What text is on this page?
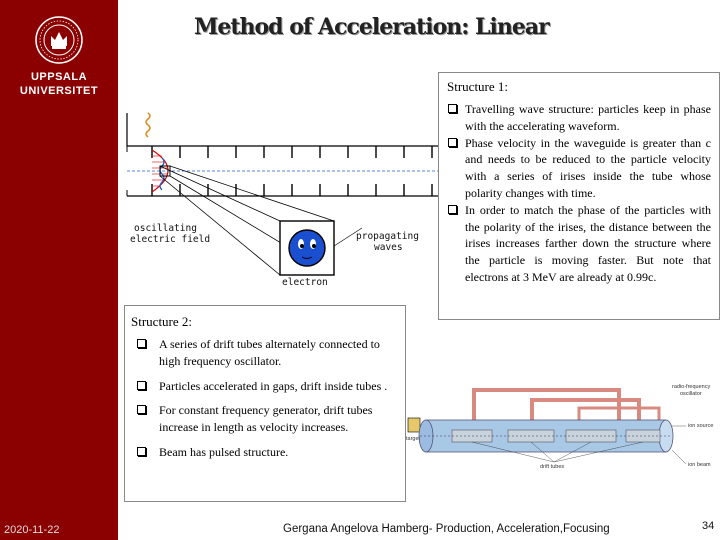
UPPSALA
UNIVERSITET
2020-11-22
Method of Acceleration: Linear
oscillating
electric field	propagating
waves
electron
Structure 1:
Travelling wave structure: particles keep in phase with the accelerating waveform.
Phase velocity in the waveguide is greater than c and needs to be reduced to the particle velocity with a series of irises inside the tube whose polarity changes with time.
In order to match the phase of the particles with the polarity of the irises, the distance between the irises increases farther down the structure where the particle is moving faster. But note that electrons at 3 MeV are already at 0.99c.
Structure 2:
A series of drift tubes alternately connected to high frequency oscillator.
Particles accelerated in gaps, drift inside tubes .
For constant frequency generator, drift tubes increase in length as velocity increases.
Beam has pulsed structure.
radio-frequency
oscillator
ion source
target
drift tubes	ion beam
Gergana Angelova Hamberg- Production, Acceleration,Focusing	34
